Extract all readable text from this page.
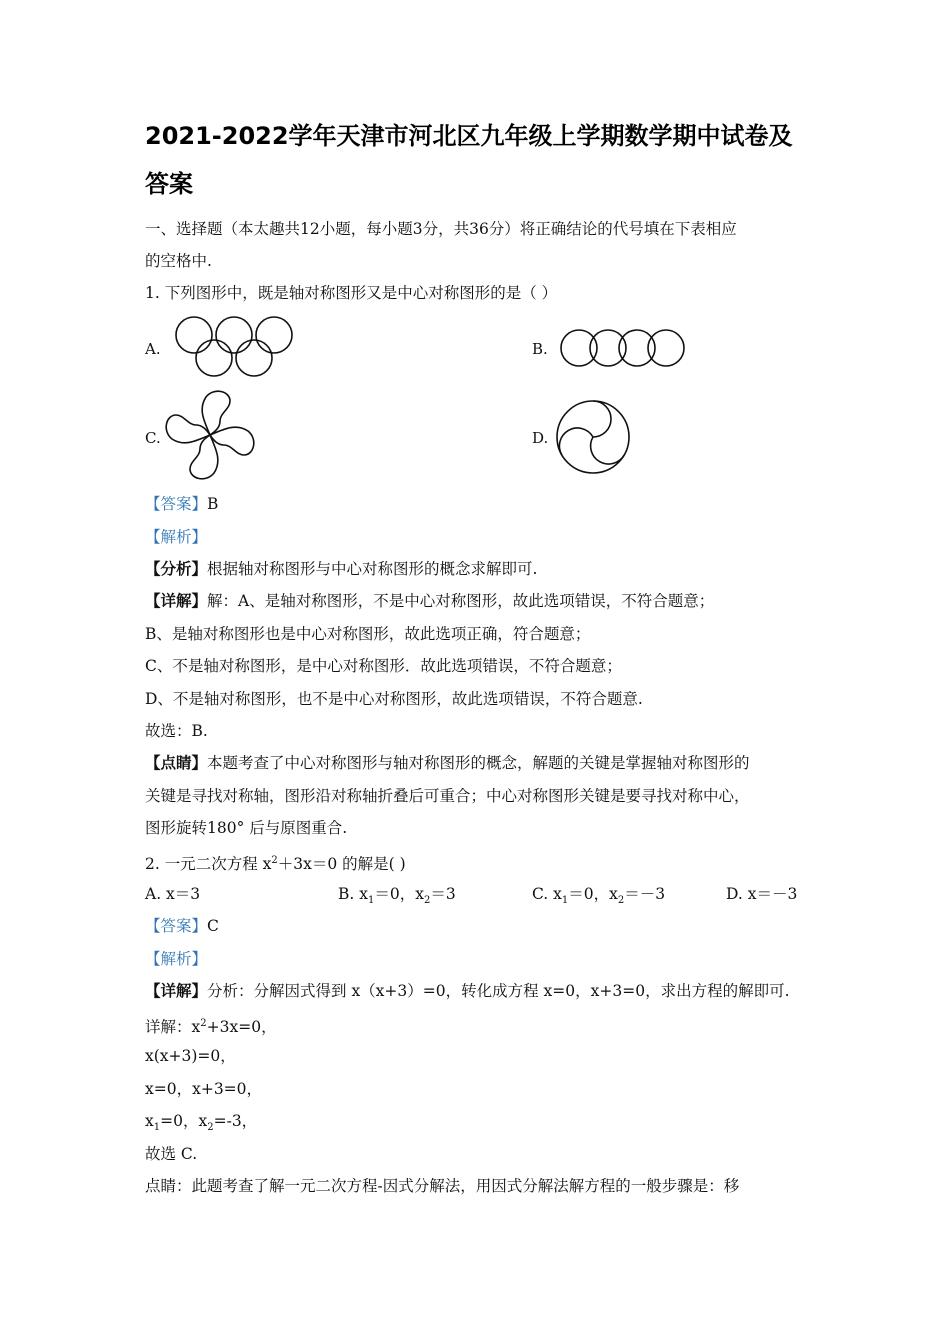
2021-2022学年天津市河北区九年级上学期数学期中试卷及答案
一、选择题（本太趣共12小题，每小题3分，共36分）将正确结论的代号填在下表相应
的空格中.
1. 下列图形中，既是轴对称图形又是中心对称图形的是（ ）
A.	B.
C.	D.
【答案】B
【解析】
【分析】根据轴对称图形与中心对称图形的概念求解即可.
【详解】解：A、是轴对称图形，不是中心对称图形，故此选项错误，不符合题意；
B、是轴对称图形也是中心对称图形，故此选项正确，符合题意；
C、不是轴对称图形，是中心对称图形．故此选项错误，不符合题意；
D、不是轴对称图形，也不是中心对称图形，故此选项错误，不符合题意.
故选：B.
【点睛】本题考查了中心对称图形与轴对称图形的概念，解题的关键是掌握轴对称图形的
关键是寻找对称轴，图形沿对称轴折叠后可重合；中心对称图形关键是要寻找对称中心，
图形旋转180° 后与原图重合.
2. 一元二次方程 $x^2+3x=0$ 的解是( )
A. x＝3	B. $x_1=0$，$x_2=3$	C. $x_1=0$，$x_2=-3$	D. x＝－3
【答案】C
【解析】
【详解】分析：分解因式得到 x（x+3）=0，转化成方程 x=0，x+3=0，求出方程的解即可.
详解：$x^2+3x=0$，
x(x+3)=0，
x=0，x+3=0，
$x_1=0$，$x_2=-3$，
故选 C.
点睛：此题考查了解一元二次方程-因式分解法，用因式分解法解方程的一般步骤是：移
